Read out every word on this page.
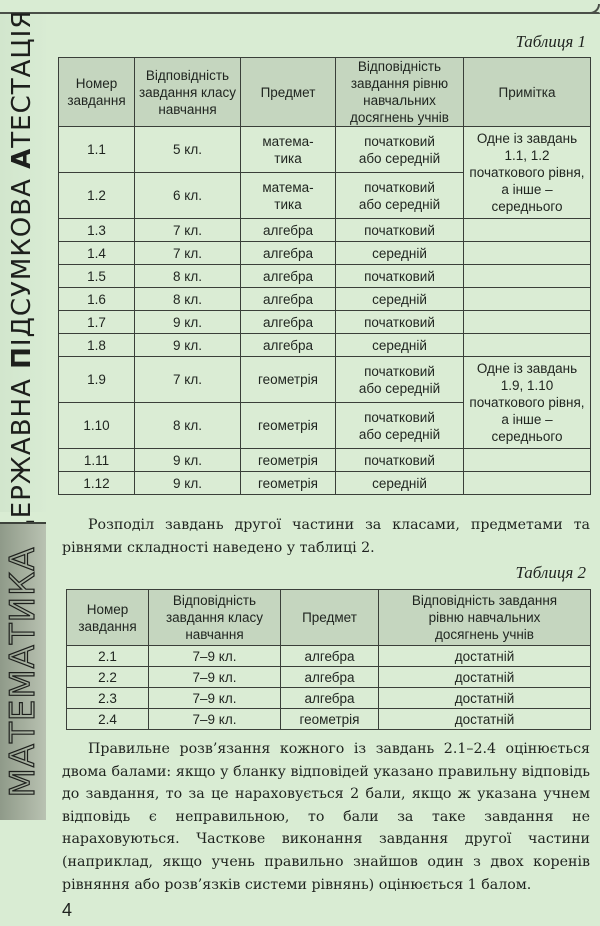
ЕРЖАВНА ПІДСУМКОВА АТЕСТАЦІЯ
МАТЕМАТИКА
Таблиця 1
Номер завдання	Відповідність завдання класу навчання	Предмет	Відповідність завдання рівню навчальних досягнень учнів	Примітка
1.1	5 кл.	матема-тика	початковий або середній	Одне із завдань 1.1, 1.2 початкового рівня, а інше – середнього
1.2	6 кл.	матема-тика	початковий або середній	
1.3	7 кл.	алгебра	початковий	
1.4	7 кл.	алгебра	середній	
1.5	8 кл.	алгебра	початковий	
1.6	8 кл.	алгебра	середній	
1.7	9 кл.	алгебра	початковий	
1.8	9 кл.	алгебра	середній	
1.9	7 кл.	геометрія	початковий або середній	Одне із завдань 1.9, 1.10 початкового рівня, а інше – середнього
1.10	8 кл.	геометрія	початковий або середній	
1.11	9 кл.	геометрія	початковий	
1.12	9 кл.	геометрія	середній	

Розподіл завдань другої частини за класами, предметами та рівнями складності наведено у таблиці 2.

Таблиця 2
Номер завдання	Відповідність завдання класу навчання	Предмет	Відповідність завдання рівню навчальних досягнень учнів
2.1	7–9 кл.	алгебра	достатній
2.2	7–9 кл.	алгебра	достатній
2.3	7–9 кл.	алгебра	достатній
2.4	7–9 кл.	геометрія	достатній

Правильне розв’язання кожного із завдань 2.1–2.4 оцінюється двома балами: якщо у бланку відповідей указано правильну відповідь до завдання, то за це нараховується 2 бали, якщо ж указана учнем відповідь є неправильною, то бали за таке завдання не нараховуються. Часткове виконання завдання другої частини (наприклад, якщо учень правильно знайшов один з двох коренів рівняння або розв’язків системи рівнянь) оцінюється 1 балом.

4
